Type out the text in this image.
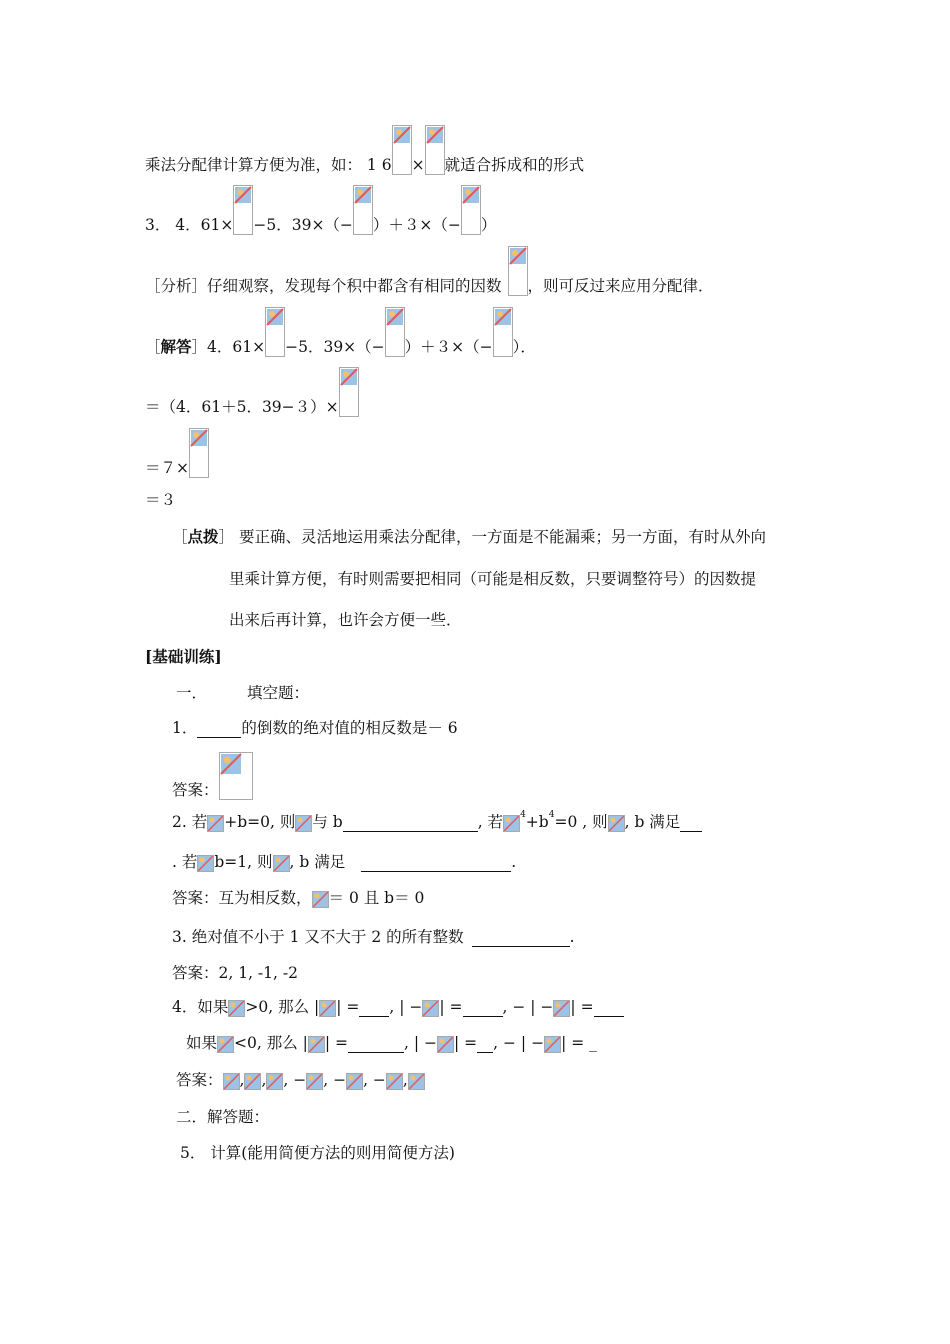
乘法分配律计算方便为准，如： 1 6 × 就适合拆成和的形式
3． 4．61× −5．39×（− ）＋３×（− ）
［分析］仔细观察，发现每个积中都含有相同的因数 ，则可反过来应用分配律．
［ 解答 ］4．61× −5．39×（− ）＋３×（− ）．
＝（4．61＋5．39−３）×
＝７×
＝３
［ 点拨 ］ 要正确、灵活地运用乘法分配律，一方面是不能漏乘；另一方面，有时从外向
里乘计算方便，有时则需要把相同（可能是相反数，只要调整符号）的因数提
出来后再计算，也许会方便一些．
[基础训练]
一．	填空题：
1．	的倒数的绝对值的相反数是－ 6
答案：
2. 若 +b=0, 则 与 b	, 若 4 +b 4 =0 , 则 , b 满足
. 若 b=1, 则 , b 满足	.
答案：互为相反数， ＝ 0 且 b＝ 0
3. 绝对值不小于 1 又不大于 2 的所有整数	.
答案：2, 1, -1, -2
4．如果 >0, 那么 | | = , | − | =	, − | − | =
如果 <0, 那么 | | =	, | − | = , − | − | = _
答案： , , , − , − , − ,
二．解答题：
5． 计算(能用简便方法的则用简便方法)
